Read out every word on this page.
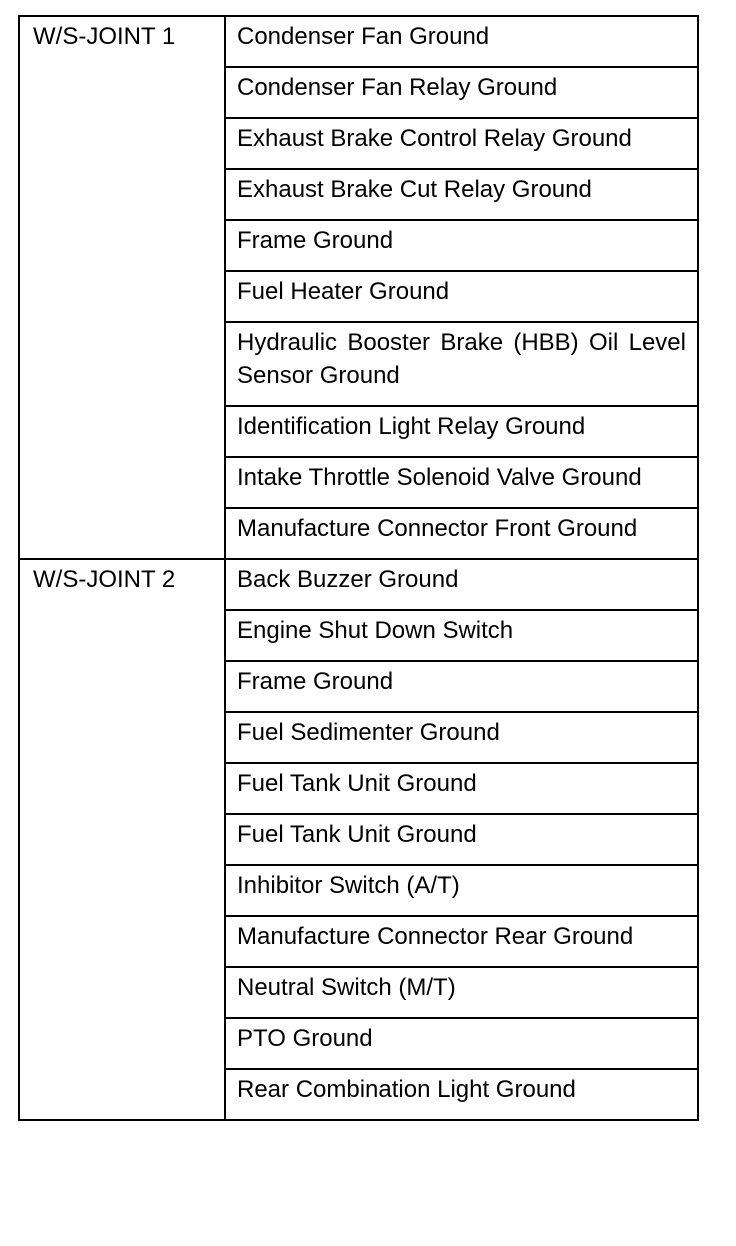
W/S-JOINT 1	Condenser Fan Ground
	Condenser Fan Relay Ground
	Exhaust Brake Control Relay Ground
	Exhaust Brake Cut Relay Ground
	Frame Ground
	Fuel Heater Ground
	Hydraulic Booster Brake (HBB) Oil Level Sensor Ground
	Identification Light Relay Ground
	Intake Throttle Solenoid Valve Ground
	Manufacture Connector Front Ground
W/S-JOINT 2	Back Buzzer Ground
	Engine Shut Down Switch
	Frame Ground
	Fuel Sedimenter Ground
	Fuel Tank Unit Ground
	Fuel Tank Unit Ground
	Inhibitor Switch (A/T)
	Manufacture Connector Rear Ground
	Neutral Switch (M/T)
	PTO Ground
	Rear Combination Light Ground
